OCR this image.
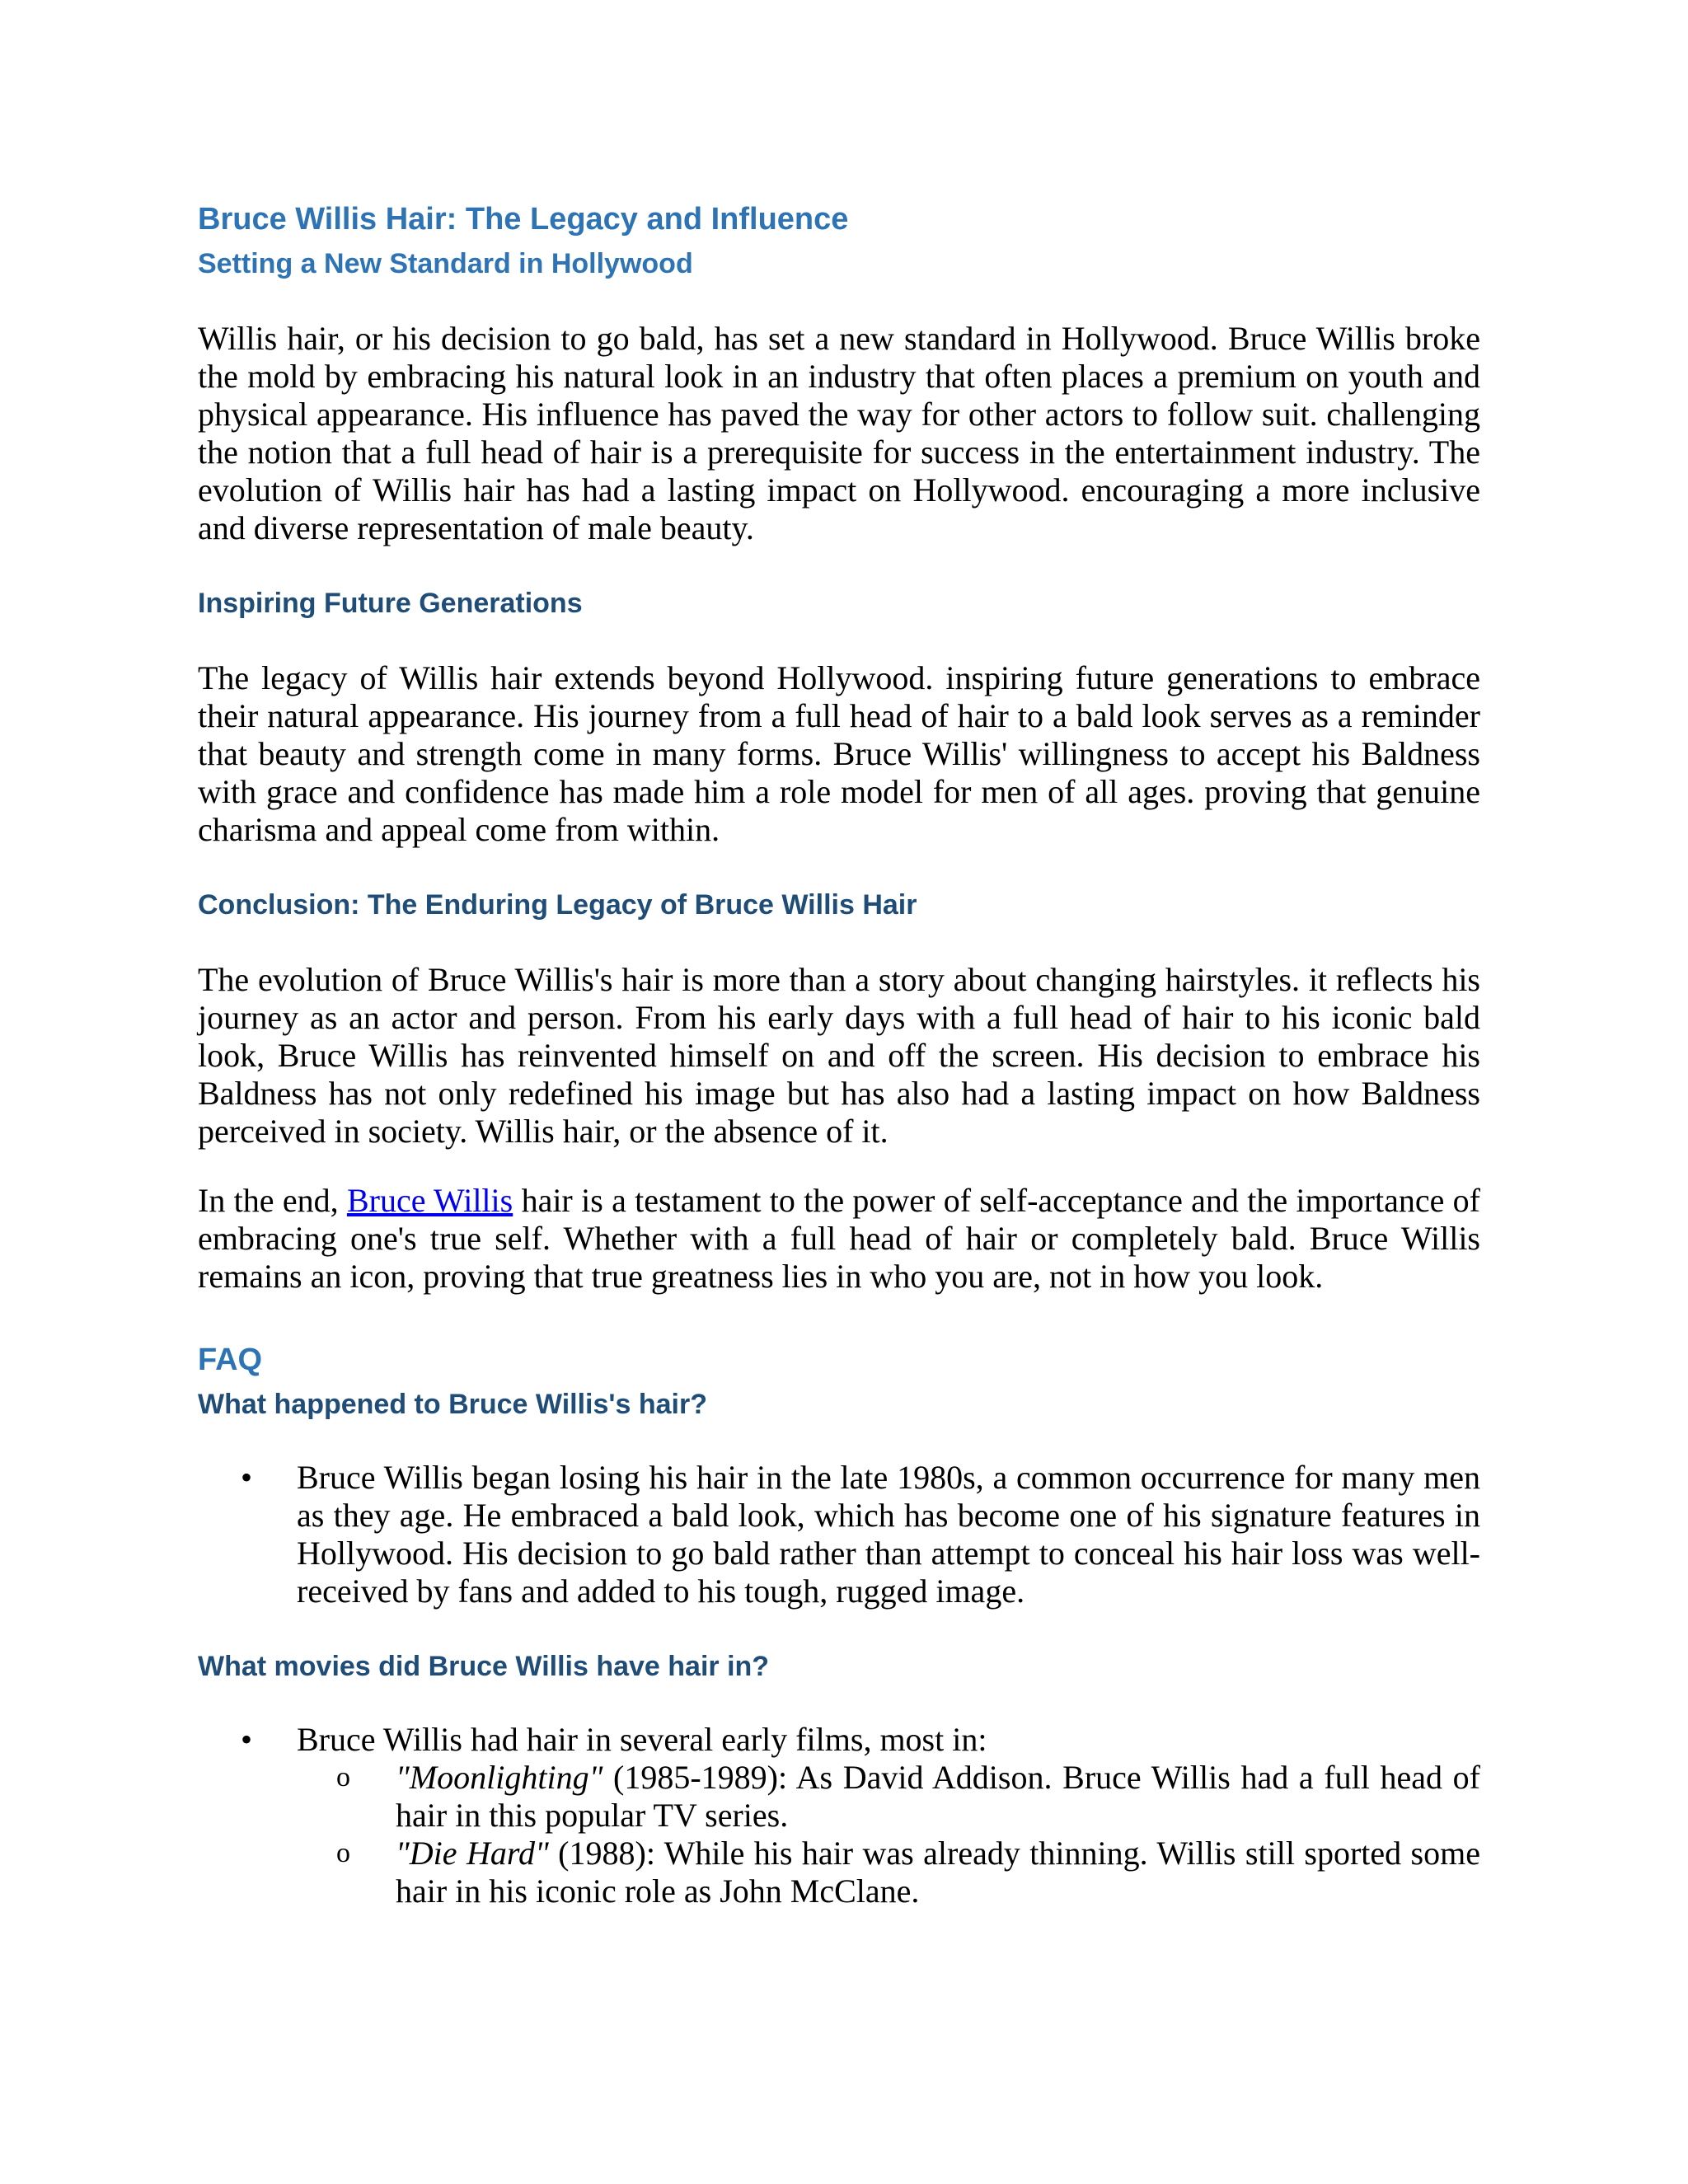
Bruce Willis Hair: The Legacy and Influence
Setting a New Standard in Hollywood

Willis hair, or his decision to go bald, has set a new standard in Hollywood. Bruce Willis broke the mold by embracing his natural look in an industry that often places a premium on youth and physical appearance. His influence has paved the way for other actors to follow suit. challenging the notion that a full head of hair is a prerequisite for success in the entertainment industry. The evolution of Willis hair has had a lasting impact on Hollywood. encouraging a more inclusive and diverse representation of male beauty.

Inspiring Future Generations

The legacy of Willis hair extends beyond Hollywood. inspiring future generations to embrace their natural appearance. His journey from a full head of hair to a bald look serves as a reminder that beauty and strength come in many forms. Bruce Willis' willingness to accept his Baldness with grace and confidence has made him a role model for men of all ages. proving that genuine charisma and appeal come from within.

Conclusion: The Enduring Legacy of Bruce Willis Hair

The evolution of Bruce Willis's hair is more than a story about changing hairstyles. it reflects his journey as an actor and person. From his early days with a full head of hair to his iconic bald look, Bruce Willis has reinvented himself on and off the screen. His decision to embrace his Baldness has not only redefined his image but has also had a lasting impact on how Baldness perceived in society. Willis hair, or the absence of it.

In the end, Bruce Willis hair is a testament to the power of self-acceptance and the importance of embracing one's true self. Whether with a full head of hair or completely bald. Bruce Willis remains an icon, proving that true greatness lies in who you are, not in how you look.

FAQ
What happened to Bruce Willis's hair?
• Bruce Willis began losing his hair in the late 1980s, a common occurrence for many men as they age. He embraced a bald look, which has become one of his signature features in Hollywood. His decision to go bald rather than attempt to conceal his hair loss was well-received by fans and added to his tough, rugged image.

What movies did Bruce Willis have hair in?
• Bruce Willis had hair in several early films, most in:

o "Moonlighting" (1985-1989): As David Addison. Bruce Willis had a full head of hair in this popular TV series.

o "Die Hard" (1988): While his hair was already thinning. Willis still sported some hair in his iconic role as John McClane.
